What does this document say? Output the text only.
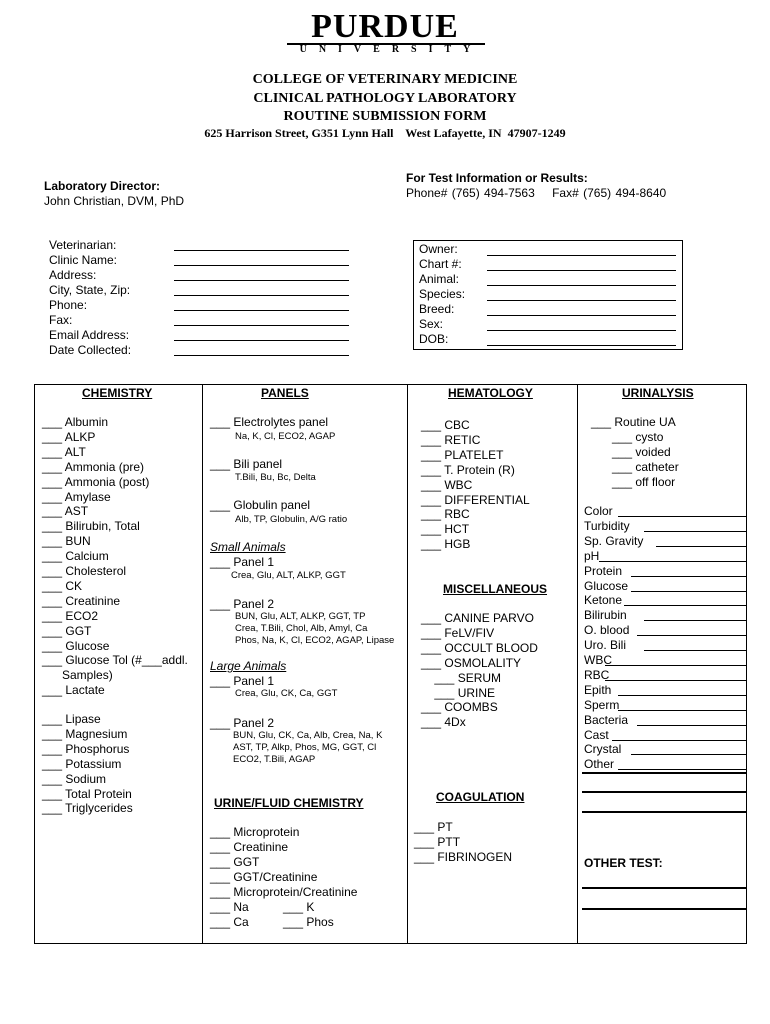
PURDUE
UNIVERSITY
COLLEGE OF VETERINARY MEDICINE
CLINICAL PATHOLOGY LABORATORY
ROUTINE SUBMISSION FORM
625 Harrison Street, G351 Lynn Hall    West Lafayette, IN  47907-1249
Laboratory Director:
John Christian, DVM, PhD
For Test Information or Results:
Phone# (765) 494-7563    Fax# (765) 494-8640
Veterinarian:
Clinic Name:
Address:
City, State, Zip:
Phone:
Fax:
Email Address:
Date Collected:
Owner:
Chart #:
Animal:
Species:
Breed:
Sex:
DOB:
CHEMISTRY
___ Albumin
___ ALKP
___ ALT
___ Ammonia (pre)
___ Ammonia (post)
___ Amylase
___ AST
___ Bilirubin, Total
___ BUN
___ Calcium
___ Cholesterol
___ CK
___ Creatinine
___ ECO2
___ GGT
___ Glucose
___ Glucose Tol (#___addl.
Samples)
___ Lactate
___ Lipase
___ Magnesium
___ Phosphorus
___ Potassium
___ Sodium
___ Total Protein
___ Triglycerides
PANELS
___ Electrolytes panel
Na, K, Cl, ECO2, AGAP
___ Bili panel
T.Bili, Bu, Bc, Delta
___ Globulin panel
Alb, TP, Globulin, A/G ratio
Small Animals
___ Panel 1
Crea, Glu, ALT, ALKP, GGT
___ Panel 2
BUN, Glu, ALT, ALKP, GGT, TP
Crea, T.Bili, Chol, Alb, Amyl, Ca
Phos, Na, K, Cl, ECO2, AGAP, Lipase
Large Animals
___ Panel 1
Crea, Glu, CK, Ca, GGT
___ Panel 2
BUN, Glu, CK, Ca, Alb, Crea, Na, K
AST, TP, Alkp, Phos, MG, GGT, Cl
ECO2, T.Bili, AGAP
URINE/FLUID CHEMISTRY
___ Microprotein
___ Creatinine
___ GGT
___ GGT/Creatinine
___ Microprotein/Creatinine
___ Na	___ K
___ Ca	___ Phos
HEMATOLOGY
___ CBC
___ RETIC
___ PLATELET
___ T. Protein (R)
___ WBC
___ DIFFERENTIAL
___ RBC
___ HCT
___ HGB
MISCELLANEOUS
___ CANINE PARVO
___ FeLV/FIV
___ OCCULT BLOOD
___ OSMOLALITY
___ SERUM
___ URINE
___ COOMBS
___ 4Dx
COAGULATION
___ PT
___ PTT
___ FIBRINOGEN
URINALYSIS
___ Routine UA
___ cysto
___ voided
___ catheter
___ off floor
Color
Turbidity
Sp. Gravity
pH
Protein
Glucose
Ketone
Bilirubin
O. blood
Uro. Bili
WBC
RBC
Epith
Sperm
Bacteria
Cast
Crystal
Other
OTHER TEST:
